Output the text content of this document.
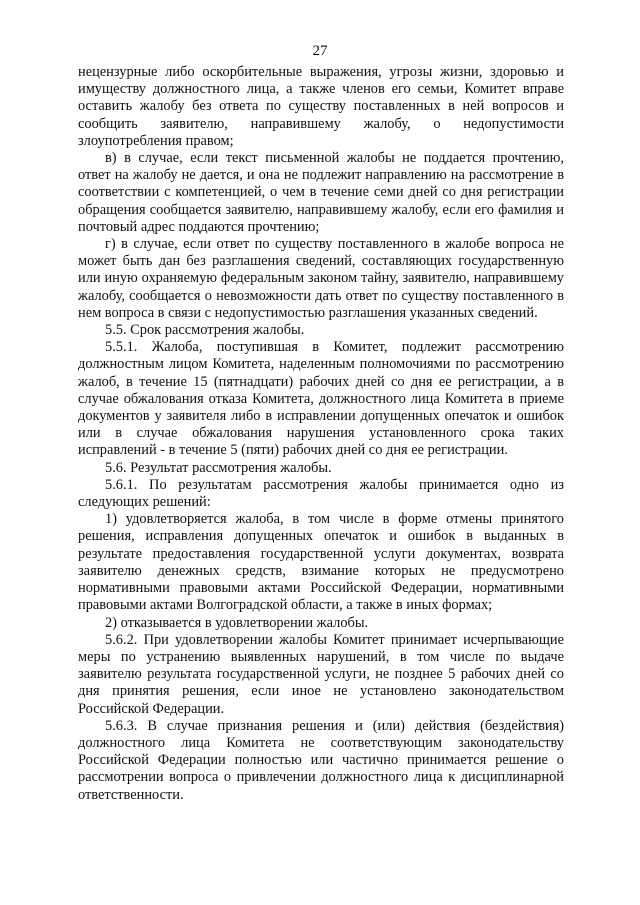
27

нецензурные либо оскорбительные выражения, угрозы жизни, здоровью и имуществу должностного лица, а также членов его семьи, Комитет вправе оставить жалобу без ответа по существу поставленных в ней вопросов и сообщить заявителю, направившему жалобу, о недопустимости злоупотребления правом;

в) в случае, если текст письменной жалобы не поддается прочтению, ответ на жалобу не дается, и она не подлежит направлению на рассмотрение в соответствии с компетенцией, о чем в течение семи дней со дня регистрации обращения сообщается заявителю, направившему жалобу, если его фамилия и почтовый адрес поддаются прочтению;

г) в случае, если ответ по существу поставленного в жалобе вопроса не может быть дан без разглашения сведений, составляющих государственную или иную охраняемую федеральным законом тайну, заявителю, направившему жалобу, сообщается о невозможности дать ответ по существу поставленного в нем вопроса в связи с недопустимостью разглашения указанных сведений.

5.5. Срок рассмотрения жалобы.

5.5.1. Жалоба, поступившая в Комитет, подлежит рассмотрению должностным лицом Комитета, наделенным полномочиями по рассмотрению жалоб, в течение 15 (пятнадцати) рабочих дней со дня ее регистрации, а в случае обжалования отказа Комитета, должностного лица Комитета в приеме документов у заявителя либо в исправлении допущенных опечаток и ошибок или в случае обжалования нарушения установленного срока таких исправлений - в течение 5 (пяти) рабочих дней со дня ее регистрации.

5.6. Результат рассмотрения жалобы.

5.6.1. По результатам рассмотрения жалобы принимается одно из следующих решений:

1) удовлетворяется жалоба, в том числе в форме отмены принятого решения, исправления допущенных опечаток и ошибок в выданных в результате предоставления государственной услуги документах, возврата заявителю денежных средств, взимание которых не предусмотрено нормативными правовыми актами Российской Федерации, нормативными правовыми актами Волгоградской области, а также в иных формах;

2) отказывается в удовлетворении жалобы.

5.6.2. При удовлетворении жалобы Комитет принимает исчерпывающие меры по устранению выявленных нарушений, в том числе по выдаче заявителю результата государственной услуги, не позднее 5 рабочих дней со дня принятия решения, если иное не установлено законодательством Российской Федерации.

5.6.3. В случае признания решения и (или) действия (бездействия) должностного лица Комитета не соответствующим законодательству Российской Федерации полностью или частично принимается решение о рассмотрении вопроса о привлечении должностного лица к дисциплинарной ответственности.
